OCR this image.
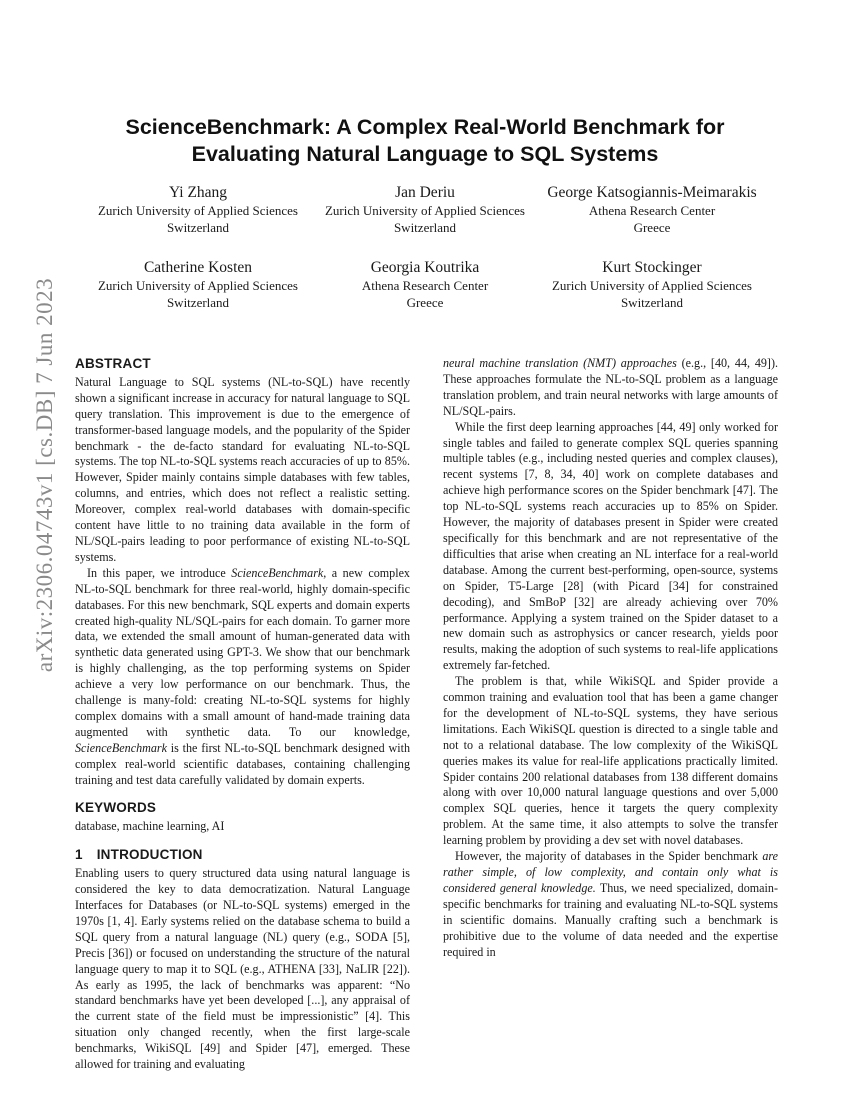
arXiv:2306.04743v1 [cs.DB] 7 Jun 2023
ScienceBenchmark: A Complex Real-World Benchmark for Evaluating Natural Language to SQL Systems
Yi Zhang
Zurich University of Applied Sciences
Switzerland
Jan Deriu
Zurich University of Applied Sciences
Switzerland
George Katsogiannis-Meimarakis
Athena Research Center
Greece
Catherine Kosten
Zurich University of Applied Sciences
Switzerland
Georgia Koutrika
Athena Research Center
Greece
Kurt Stockinger
Zurich University of Applied Sciences
Switzerland
ABSTRACT

Natural Language to SQL systems (NL-to-SQL) have recently shown a significant increase in accuracy for natural language to SQL query translation. This improvement is due to the emergence of transformer-based language models, and the popularity of the Spider benchmark - the de-facto standard for evaluating NL-to-SQL systems. The top NL-to-SQL systems reach accuracies of up to 85%. However, Spider mainly contains simple databases with few tables, columns, and entries, which does not reflect a realistic setting. Moreover, complex real-world databases with domain-specific content have little to no training data available in the form of NL/SQL-pairs leading to poor performance of existing NL-to-SQL systems.

In this paper, we introduce ScienceBenchmark, a new complex NL-to-SQL benchmark for three real-world, highly domain-specific databases. For this new benchmark, SQL experts and domain experts created high-quality NL/SQL-pairs for each domain. To garner more data, we extended the small amount of human-generated data with synthetic data generated using GPT-3. We show that our benchmark is highly challenging, as the top performing systems on Spider achieve a very low performance on our benchmark. Thus, the challenge is many-fold: creating NL-to-SQL systems for highly complex domains with a small amount of hand-made training data augmented with synthetic data. To our knowledge, ScienceBenchmark is the first NL-to-SQL benchmark designed with complex real-world scientific databases, containing challenging training and test data carefully validated by domain experts.

KEYWORDS

database, machine learning, AI

1 INTRODUCTION

Enabling users to query structured data using natural language is considered the key to data democratization. Natural Language Interfaces for Databases (or NL-to-SQL systems) emerged in the 1970s [1, 4]. Early systems relied on the database schema to build a SQL query from a natural language (NL) query (e.g., SODA [5], Precis [36]) or focused on understanding the structure of the natural language query to map it to SQL (e.g., ATHENA [33], NaLIR [22]). As early as 1995, the lack of benchmarks was apparent: “No standard benchmarks have yet been developed [...], any appraisal of the current state of the field must be impressionistic” [4]. This situation only changed recently, when the first large-scale benchmarks, WikiSQL [49] and Spider [47], emerged. These allowed for training and evaluating

neural machine translation (NMT) approaches (e.g., [40, 44, 49]). These approaches formulate the NL-to-SQL problem as a language translation problem, and train neural networks with large amounts of NL/SQL-pairs.

While the first deep learning approaches [44, 49] only worked for single tables and failed to generate complex SQL queries spanning multiple tables (e.g., including nested queries and complex clauses), recent systems [7, 8, 34, 40] work on complete databases and achieve high performance scores on the Spider benchmark [47]. The top NL-to-SQL systems reach accuracies up to 85% on Spider. However, the majority of databases present in Spider were created specifically for this benchmark and are not representative of the difficulties that arise when creating an NL interface for a real-world database. Among the current best-performing, open-source, systems on Spider, T5-Large [28] (with Picard [34] for constrained decoding), and SmBoP [32] are already achieving over 70% performance. Applying a system trained on the Spider dataset to a new domain such as astrophysics or cancer research, yields poor results, making the adoption of such systems to real-life applications extremely far-fetched.

The problem is that, while WikiSQL and Spider provide a common training and evaluation tool that has been a game changer for the development of NL-to-SQL systems, they have serious limitations. Each WikiSQL question is directed to a single table and not to a relational database. The low complexity of the WikiSQL queries makes its value for real-life applications practically limited. Spider contains 200 relational databases from 138 different domains along with over 10,000 natural language questions and over 5,000 complex SQL queries, hence it targets the query complexity problem. At the same time, it also attempts to solve the transfer learning problem by providing a dev set with novel databases.

However, the majority of databases in the Spider benchmark are rather simple, of low complexity, and contain only what is considered general knowledge. Thus, we need specialized, domain-specific benchmarks for training and evaluating NL-to-SQL systems in scientific domains. Manually crafting such a benchmark is prohibitive due to the volume of data needed and the expertise required in
